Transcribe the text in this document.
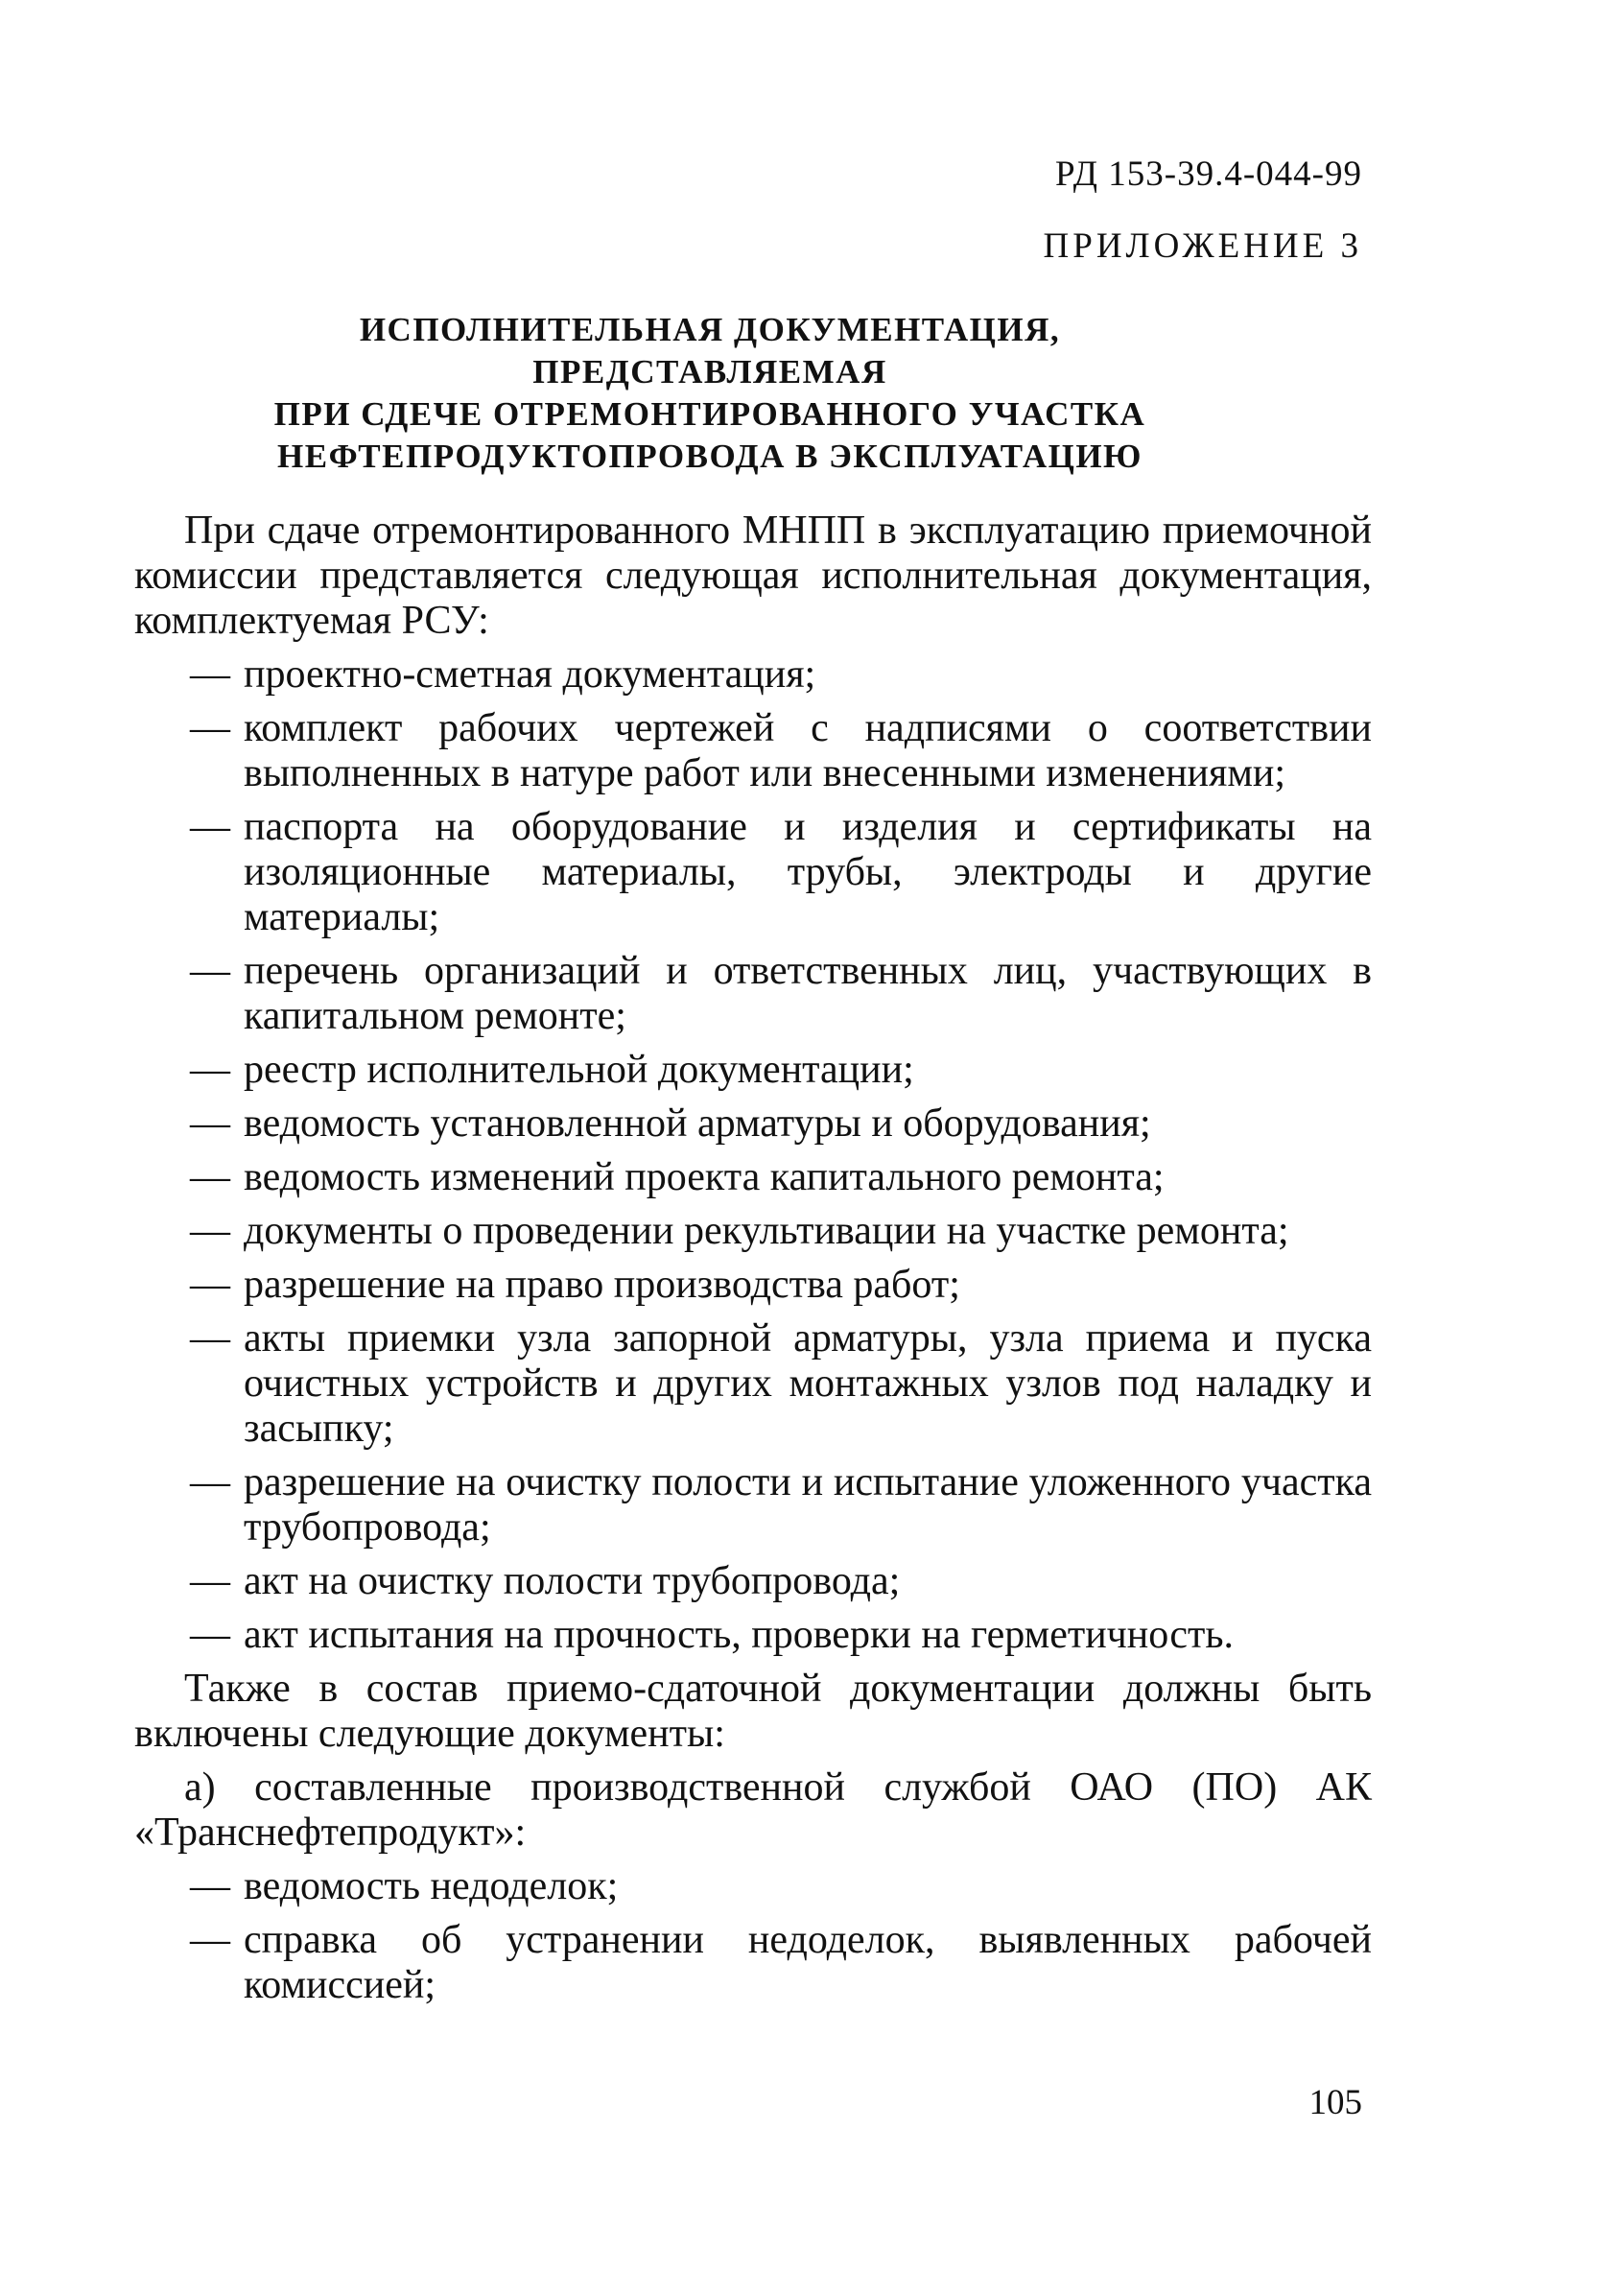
РД 153-39.4-044-99
ПРИЛОЖЕНИЕ 3
ИСПОЛНИТЕЛЬНАЯ ДОКУМЕНТАЦИЯ,
ПРЕДСТАВЛЯЕМАЯ
ПРИ СДЕЧЕ ОТРЕМОНТИРОВАННОГО УЧАСТКА
НЕФТЕПРОДУКТОПРОВОДА В ЭКСПЛУАТАЦИЮ

При сдаче отремонтированного МНПП в эксплуатацию приемочной комиссии представляется следующая исполнительная документация, комплектуемая РСУ:

— проектно-сметная документация;
— комплект рабочих чертежей с надписями о соответствии выполненных в натуре работ или внесенными изменениями;
— паспорта на оборудование и изделия и сертификаты на изоляционные материалы, трубы, электроды и другие материалы;
— перечень организаций и ответственных лиц, участвующих в капитальном ремонте;
— реестр исполнительной документации;
— ведомость установленной арматуры и оборудования;
— ведомость изменений проекта капитального ремонта;
— документы о проведении рекультивации на участке ремонта;
— разрешение на право производства работ;
— акты приемки узла запорной арматуры, узла приема и пуска очистных устройств и других монтажных узлов под наладку и засыпку;
— разрешение на очистку полости и испытание уложенного участка трубопровода;
— акт на очистку полости трубопровода;
— акт испытания на прочность, проверки на герметичность.

Также в состав приемо-сдаточной документации должны быть включены следующие документы:

а) составленные производственной службой ОАО (ПО) АК «Транснефтепродукт»:

— ведомость недоделок;
— справка об устранении недоделок, выявленных рабочей комиссией;
105
